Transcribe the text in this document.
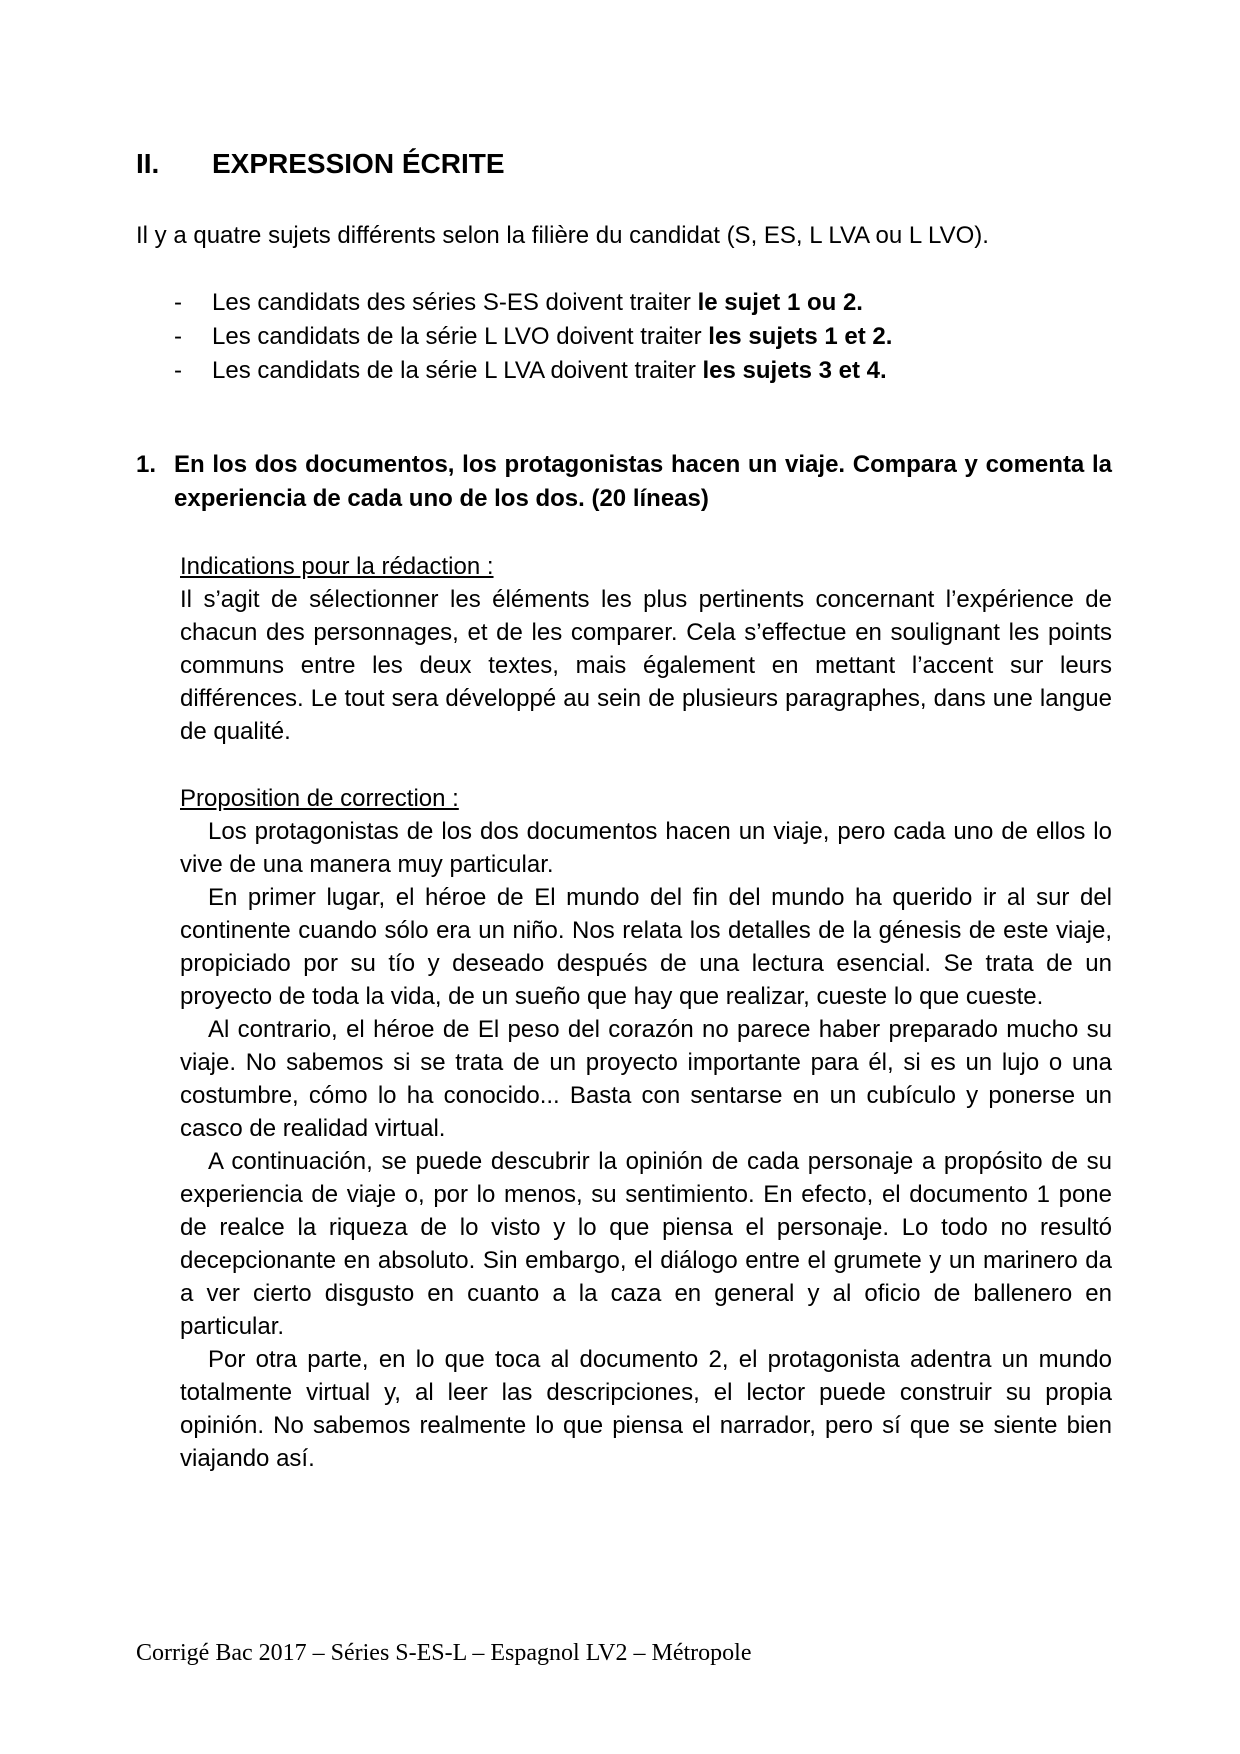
II. EXPRESSION ÉCRITE

Il y a quatre sujets différents selon la filière du candidat (S, ES, L LVA ou L LVO).

- Les candidats des séries S-ES doivent traiter le sujet 1 ou 2.
- Les candidats de la série L LVO doivent traiter les sujets 1 et 2.
- Les candidats de la série L LVA doivent traiter les sujets 3 et 4.
1. En los dos documentos, los protagonistas hacen un viaje. Compara y comenta la experiencia de cada uno de los dos. (20 líneas)
Indications pour la rédaction :

Il s’agit de sélectionner les éléments les plus pertinents concernant l’expérience de chacun des personnages, et de les comparer. Cela s’effectue en soulignant les points communs entre les deux textes, mais également en mettant l’accent sur leurs différences. Le tout sera développé au sein de plusieurs paragraphes, dans une langue de qualité.

Proposition de correction :

Los protagonistas de los dos documentos hacen un viaje, pero cada uno de ellos lo vive de una manera muy particular.

En primer lugar, el héroe de El mundo del fin del mundo ha querido ir al sur del continente cuando sólo era un niño. Nos relata los detalles de la génesis de este viaje, propiciado por su tío y deseado después de una lectura esencial. Se trata de un proyecto de toda la vida, de un sueño que hay que realizar, cueste lo que cueste.

Al contrario, el héroe de El peso del corazón no parece haber preparado mucho su viaje. No sabemos si se trata de un proyecto importante para él, si es un lujo o una costumbre, cómo lo ha conocido... Basta con sentarse en un cubículo y ponerse un casco de realidad virtual.

A continuación, se puede descubrir la opinión de cada personaje a propósito de su experiencia de viaje o, por lo menos, su sentimiento. En efecto, el documento 1 pone de realce la riqueza de lo visto y lo que piensa el personaje. Lo todo no resultó decepcionante en absoluto. Sin embargo, el diálogo entre el grumete y un marinero da a ver cierto disgusto en cuanto a la caza en general y al oficio de ballenero en particular.

Por otra parte, en lo que toca al documento 2, el protagonista adentra un mundo totalmente virtual y, al leer las descripciones, el lector puede construir su propia opinión. No sabemos realmente lo que piensa el narrador, pero sí que se siente bien viajando así.

Corrigé Bac 2017 – Séries S-ES-L – Espagnol LV2 – Métropole
